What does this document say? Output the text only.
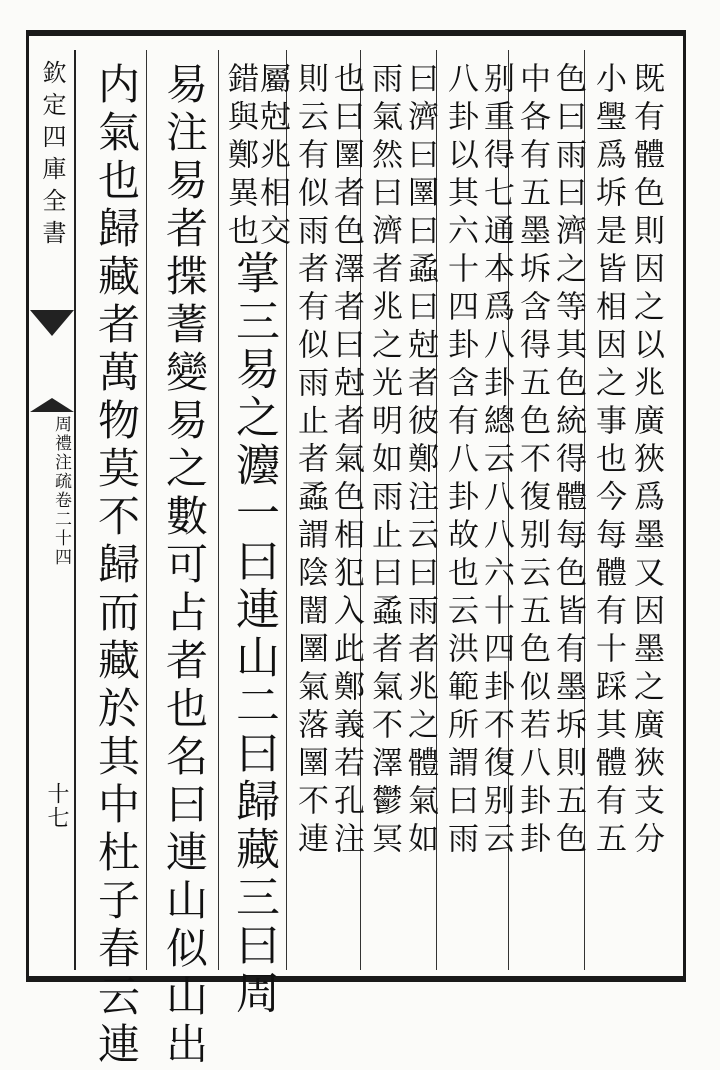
欽定四庫全書
周禮注疏卷二十四
十七	既有體色則因之以兆廣狹爲墨又因墨之廣狹支分
小璺爲坼是皆相因之事也今每體有十踩其體有五
色曰雨曰濟之等其色統得體每色皆有墨坼則五色
中各有五墨坼含得五色不復别云五色似若八卦卦
别重得七通本爲八卦總云八八六十四卦不復别云
八卦以其六十四卦含有八卦故也云洪範所謂曰雨
曰濟曰圛曰蟊曰尅者彼鄭注云曰雨者兆之體氣如
雨氣然曰濟者兆之光明如雨止曰蟊者氣不澤鬱冥
也曰圛者色澤者曰尅者氣色相犯入此鄭義若孔注
則云有似雨者有似雨止者蟊謂陰闇圛氣落圛不連
屬尅兆相交
錯與鄭異也
掌三易之灋一曰連山二曰歸藏三曰周
易注易者揲蓍變易之數可占者也名曰連山似山出
内氣也歸藏者萬物莫不歸而藏於其中杜子春云連
